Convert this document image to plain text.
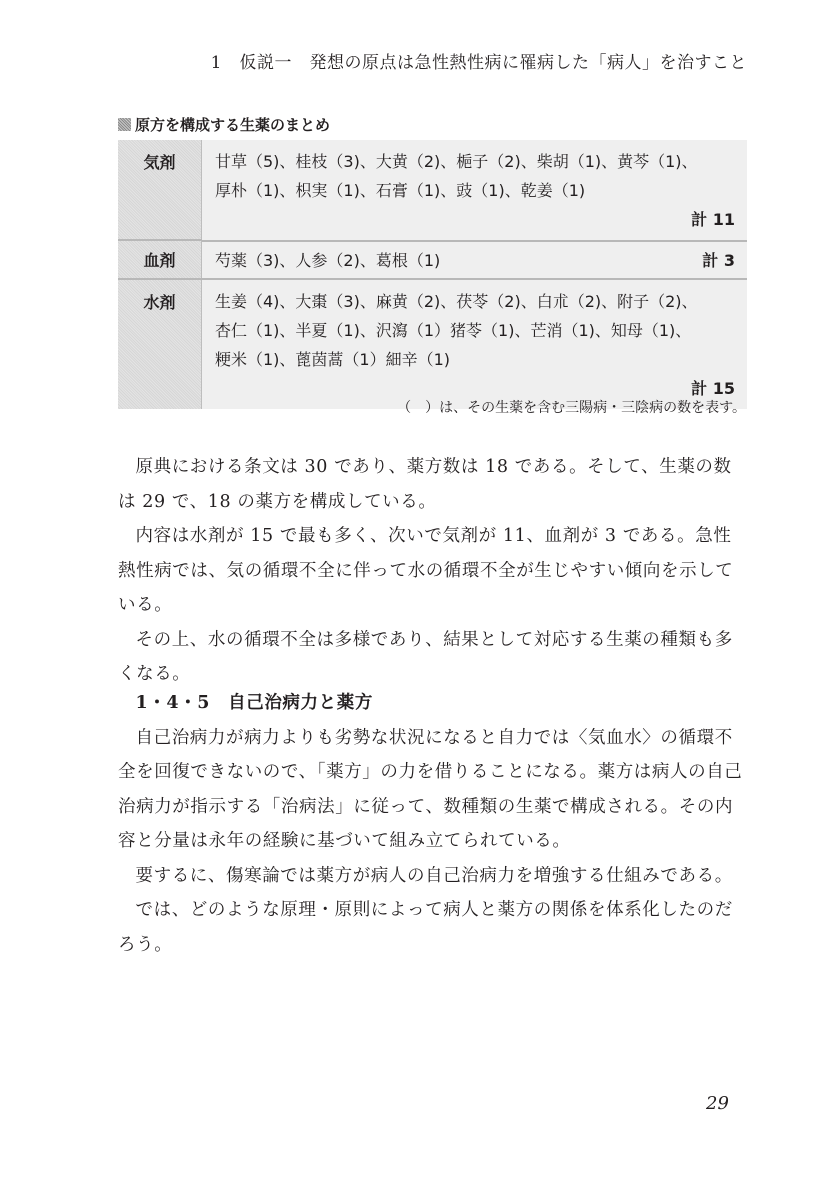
1　仮説一　発想の原点は急性熱性病に罹病した「病人」を治すこと
原方を構成する生薬のまとめ
気剤	甘草（5)、桂枝（3)、大黄（2)、梔子（2)、柴胡（1)、黄芩（1)、
厚朴（1)、枳実（1)、石膏（1)、豉（1)、乾姜（1)
計 11

血剤	芍薬（3)、人参（2)、葛根（1)	計 3

水剤	生姜（4)、大棗（3)、麻黄（2)、茯苓（2)、白朮（2)、附子（2)、
杏仁（1)、半夏（1)、沢瀉（1）猪苓（1)、芒消（1)、知母（1)、
粳米（1)、蓖茵蒿（1）細辛（1)
計 15
（　）は、その生薬を含む三陽病・三陰病の数を表す。

原典における条文は 30 であり、薬方数は 18 である。そして、生薬の数は 29 で、18 の薬方を構成している。

内容は水剤が 15 で最も多く、次いで気剤が 11、血剤が 3 である。急性熱性病では、気の循環不全に伴って水の循環不全が生じやすい傾向を示している。

その上、水の循環不全は多様であり、結果として対応する生薬の種類も多くなる。

1・4・5　自己治病力と薬方

自己治病力が病力よりも劣勢な状況になると自力では〈気血水〉の循環不全を回復できないので、「薬方」の力を借りることになる。薬方は病人の自己治病力が指示する「治病法」に従って、数種類の生薬で構成される。その内容と分量は永年の経験に基づいて組み立てられている。

要するに、傷寒論では薬方が病人の自己治病力を増強する仕組みである。

では、どのような原理・原則によって病人と薬方の関係を体系化したのだろう。

29
